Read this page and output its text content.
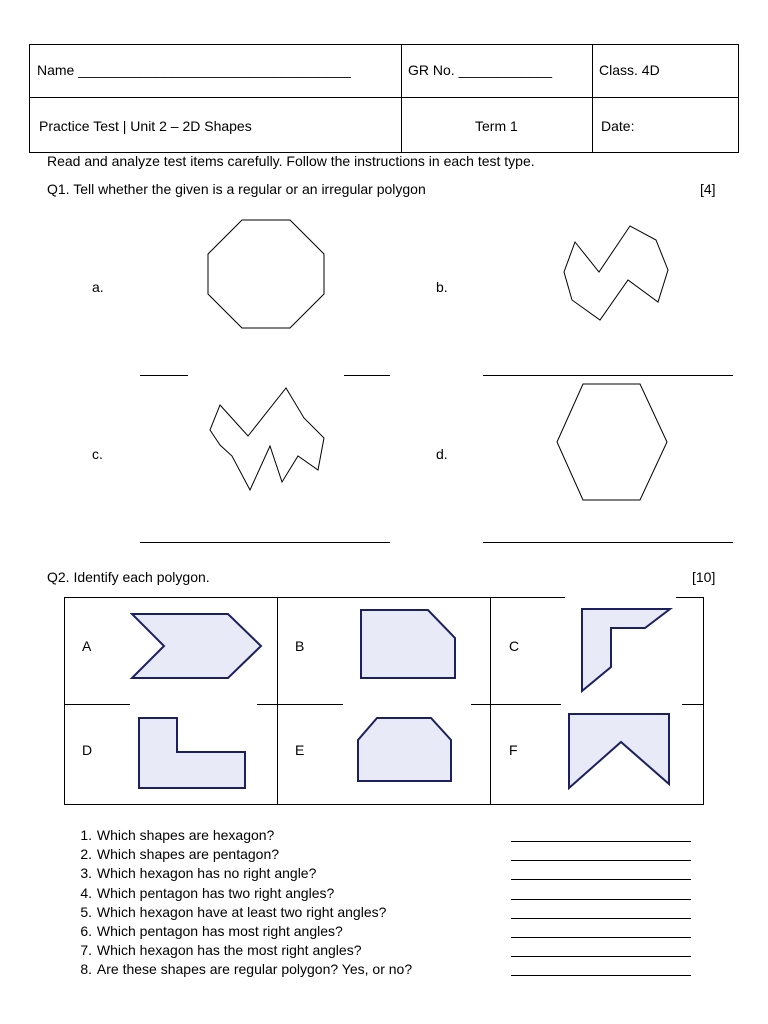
Name ___________________________________	GR No. ____________	Class. 4D
Practice Test | Unit 2 – 2D Shapes	Term 1	Date:
Read and analyze test items carefully. Follow the instructions in each test type.
Q1. Tell whether the given is a regular or an irregular polygon	[4]
a.	b.
c.	d.
Q2. Identify each polygon.	[10]
A	B	C
D	E	F
1. Which shapes are hexagon?
2. Which shapes are pentagon?
3. Which hexagon has no right angle?
4. Which pentagon has two right angles?
5. Which hexagon have at least two right angles?
6. Which pentagon has most right angles?
7. Which hexagon has the most right angles?
8. Are these shapes are regular polygon? Yes, or no?
